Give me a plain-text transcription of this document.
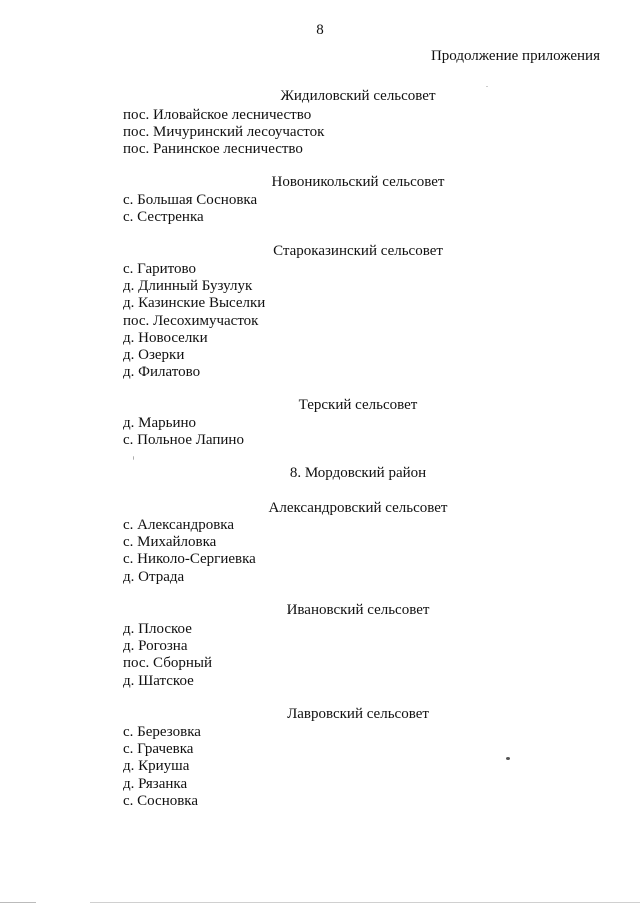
8
Продолжение приложения
Жидиловский сельсовет
пос. Иловайское лесничество
пос. Мичуринский лесоучасток
пос. Ранинское лесничество
Новоникольский сельсовет
с. Большая Сосновка
с. Сестренка
Староказинский сельсовет
с. Гаритово
д. Длинный Бузулук
д. Казинские Выселки
пос. Лесохимучасток
д. Новоселки
д. Озерки
д. Филатово
Терский сельсовет
д. Марьино
с. Польное Лапино
8. Мордовский район
Александровский сельсовет
с. Александровка
с. Михайловка
с. Николо-Сергиевка
д. Отрада
Ивановский сельсовет
д. Плоское
д. Рогозна
пос. Сборный
д. Шатское
Лавровский сельсовет
с. Березовка
с. Грачевка
д. Криуша
д. Рязанка
с. Сосновка
